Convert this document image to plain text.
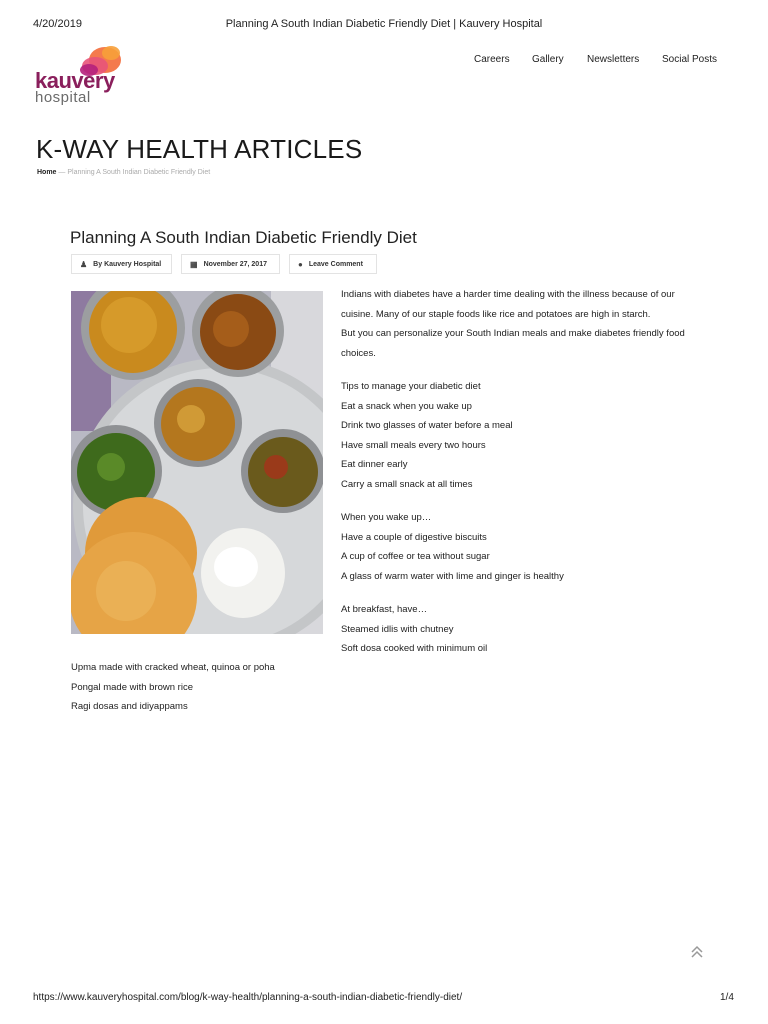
4/20/2019	Planning A South Indian Diabetic Friendly Diet | Kauvery Hospital
kauvery
hospital
Careers Gallery Newsletters Social Posts
K-WAY HEALTH ARTICLES
Home — Planning A South Indian Diabetic Friendly Diet
Planning A South Indian Diabetic Friendly Diet
♟ By Kauvery Hospital	▦ November 27, 2017	● Leave Comment
Indians with diabetes have a harder time dealing with the illness because of our
cuisine. Many of our staple foods like rice and potatoes are high in starch.
But you can personalize your South Indian meals and make diabetes friendly food
choices.
Tips to manage your diabetic diet
Eat a snack when you wake up
Drink two glasses of water before a meal
Have small meals every two hours
Eat dinner early
Carry a small snack at all times
When you wake up…
Have a couple of digestive biscuits
A cup of coffee or tea without sugar
A glass of warm water with lime and ginger is healthy
At breakfast, have…
Steamed idlis with chutney
Soft dosa cooked with minimum oil
Upma made with cracked wheat, quinoa or poha
Pongal made with brown rice
Ragi dosas and idiyappams
https://www.kauveryhospital.com/blog/k-way-health/planning-a-south-indian-diabetic-friendly-diet/	1/4
